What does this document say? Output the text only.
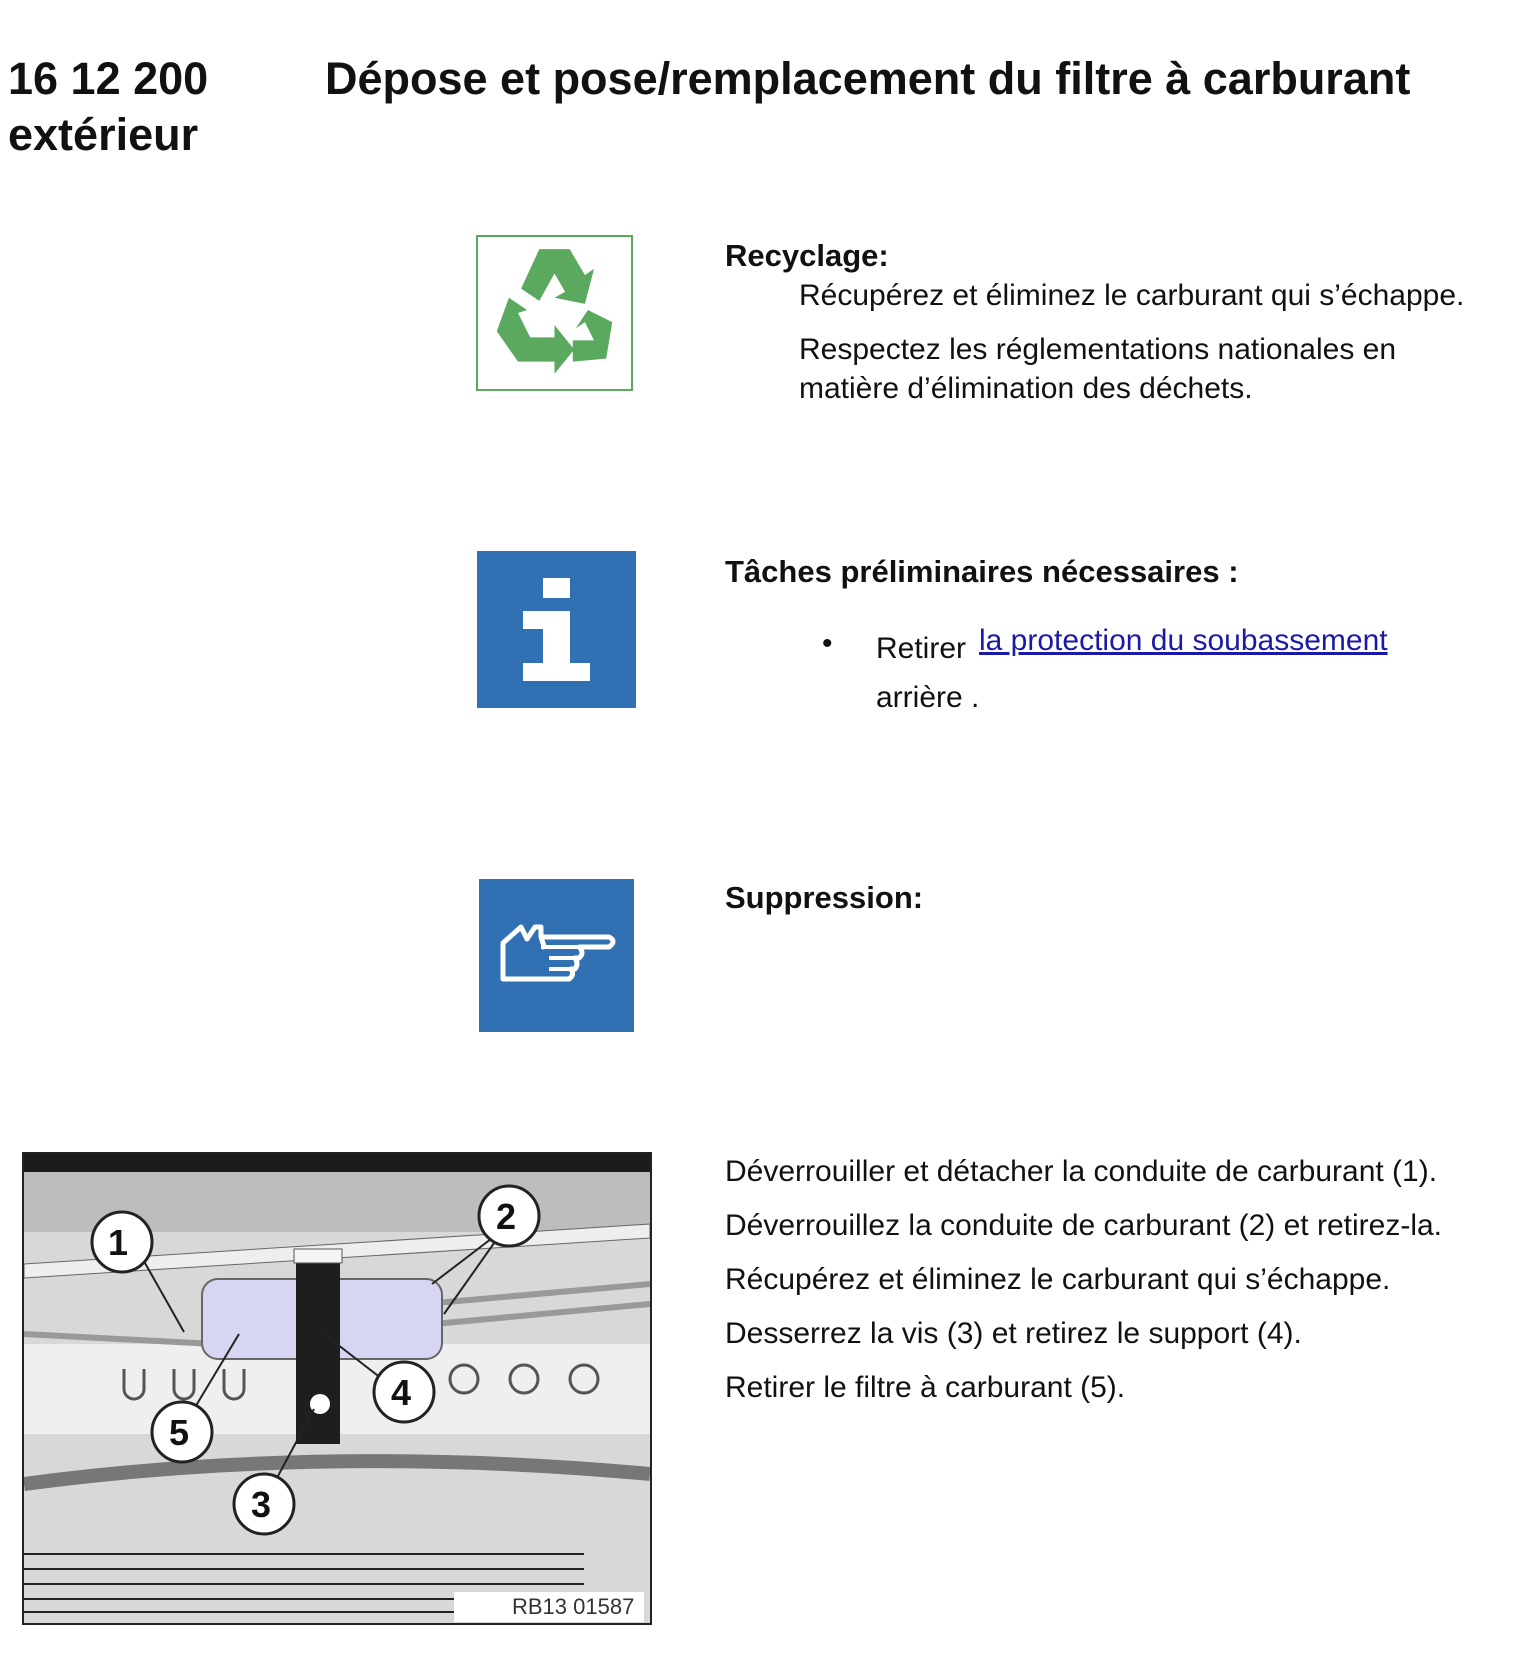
16 12 200	Dépose et pose/remplacement du filtre à carburant
extérieur
Recyclage:
Récupérez et éliminez le carburant qui s’échappe.
Respectez les réglementations nationales en
matière d’élimination des déchets.
Tâches préliminaires nécessaires :
• Retirer la protection du soubassement
arrière .
Suppression:
Déverrouiller et détacher la conduite de carburant (1).
Déverrouillez la conduite de carburant (2) et retirez-la.
Récupérez et éliminez le carburant qui s’échappe.
Desserrez la vis (3) et retirez le support (4).
Retirer le filtre à carburant (5).
1
2
3
4
5
RB13 01587
